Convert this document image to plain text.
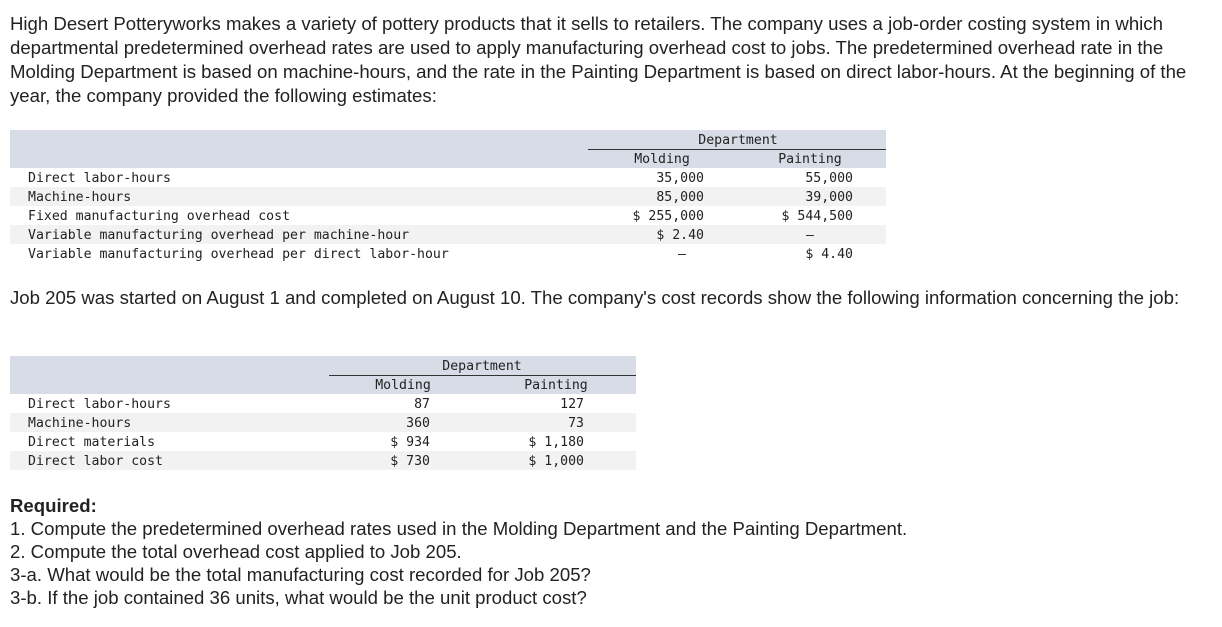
High Desert Potteryworks makes a variety of pottery products that it sells to retailers. The company uses a job-order costing system in which departmental predetermined overhead rates are used to apply manufacturing overhead cost to jobs. The predetermined overhead rate in the Molding Department is based on machine-hours, and the rate in the Painting Department is based on direct labor-hours. At the beginning of the year, the company provided the following estimates:

Department
Molding	Painting
Direct labor-hours	35,000	55,000
Machine-hours	85,000	39,000
Fixed manufacturing overhead cost	$ 255,000	$ 544,500
Variable manufacturing overhead per machine-hour	$ 2.40	–
Variable manufacturing overhead per direct labor-hour	–	$ 4.40

Job 205 was started on August 1 and completed on August 10. The company's cost records show the following information concerning the job:

Department
Molding	Painting
Direct labor-hours	87	127
Machine-hours	360	73
Direct materials	$ 934	$ 1,180
Direct labor cost	$ 730	$ 1,000
Required:
1. Compute the predetermined overhead rates used in the Molding Department and the Painting Department.
2. Compute the total overhead cost applied to Job 205.
3-a. What would be the total manufacturing cost recorded for Job 205?
3-b. If the job contained 36 units, what would be the unit product cost?
